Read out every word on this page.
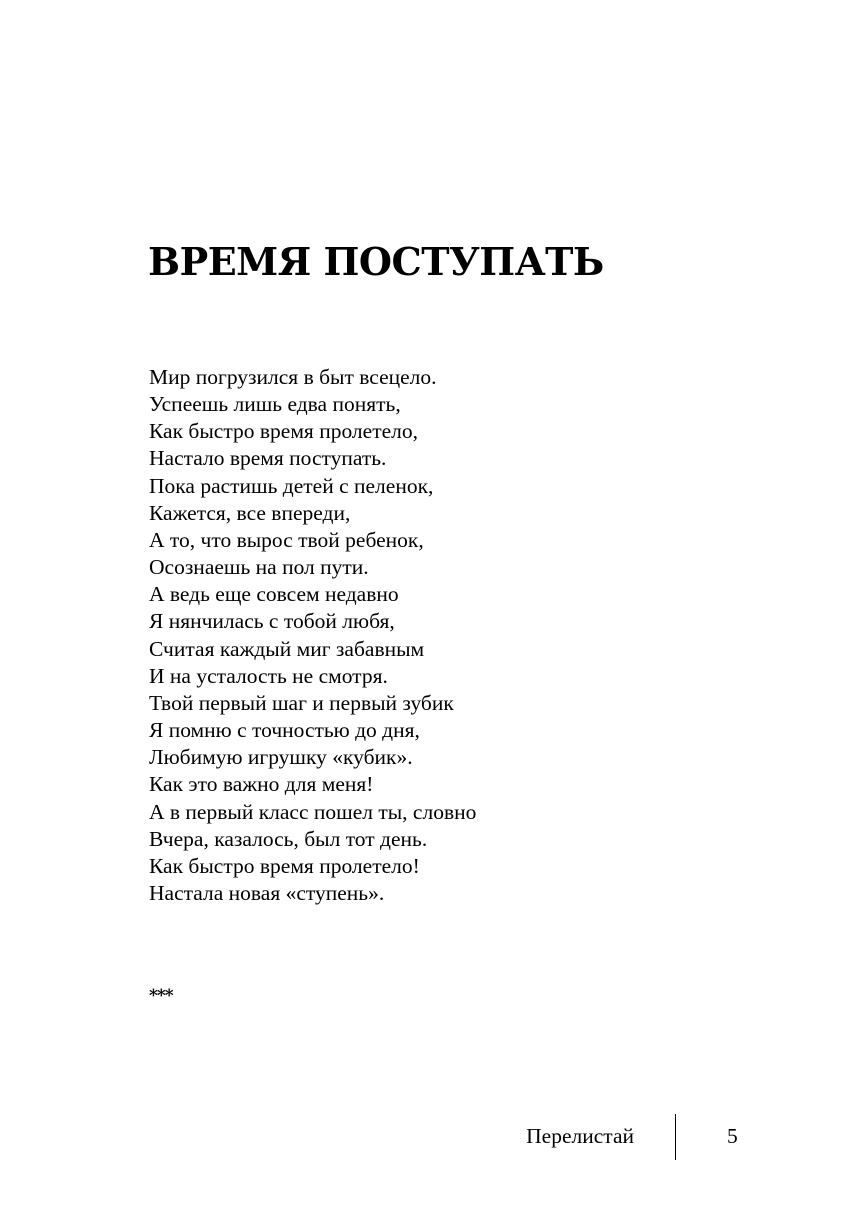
ВРЕМЯ ПОСТУПАТЬ
Мир погрузился в быт всецело.
Успеешь лишь едва понять,
Как быстро время пролетело,
Настало время поступать.
Пока растишь детей с пеленок,
Кажется, все впереди,
А то, что вырос твой ребенок,
Осознаешь на пол пути.
А ведь еще совсем недавно
Я нянчилась с тобой любя,
Считая каждый миг забавным
И на усталость не смотря.
Твой первый шаг и первый зубик
Я помню с точностью до дня,
Любимую игрушку «кубик».
Как это важно для меня!
А в первый класс пошел ты, словно
Вчера, казалось, был тот день.
Как быстро время пролетело!
Настала новая «ступень».
***
Перелистай	5
